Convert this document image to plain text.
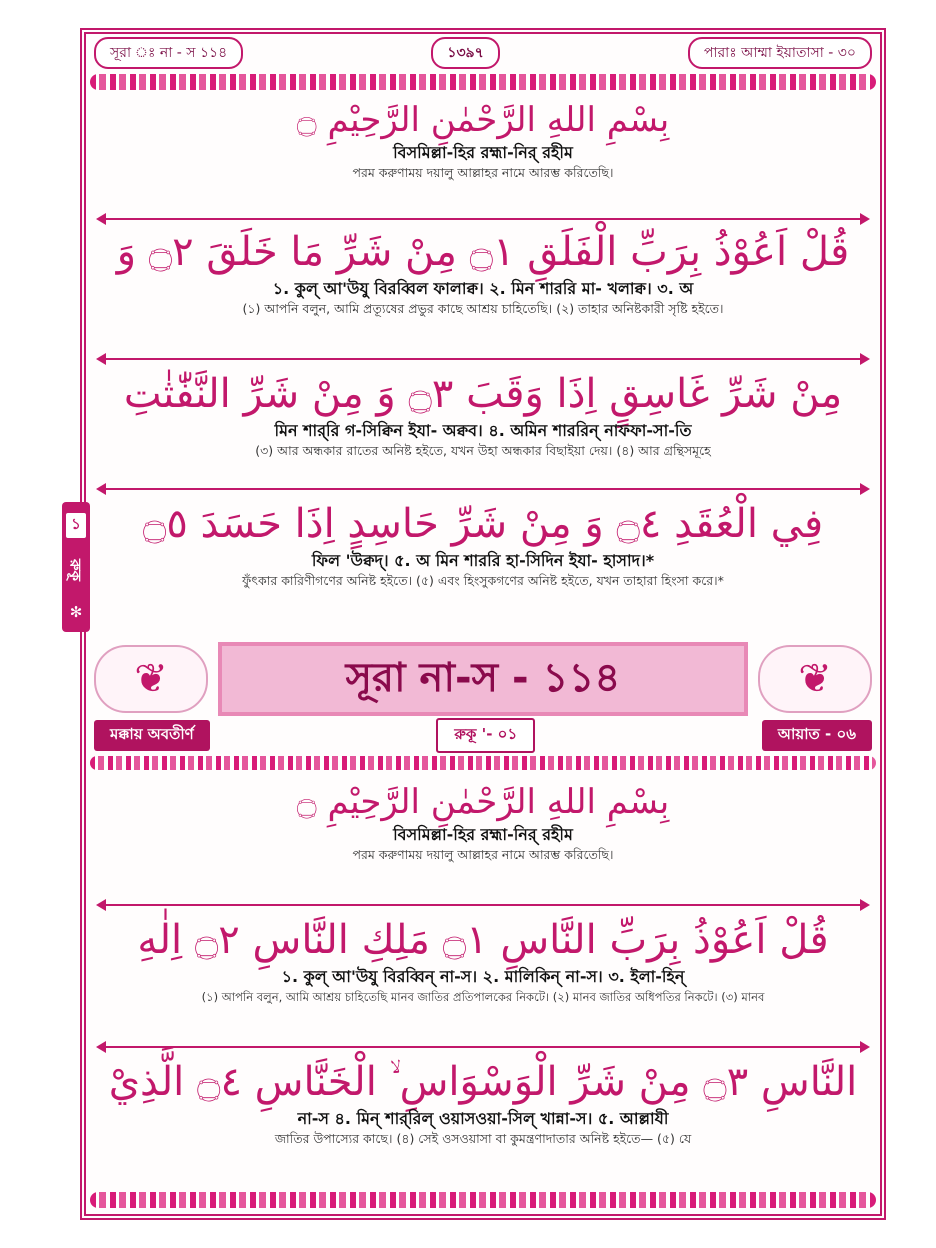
সূরা ঃ না - স ১১৪	১৩৯৭	পারাঃ আম্মা ইয়াতাসা - ৩০
بِسْمِ اللهِ الرَّحْمٰنِ الرَّحِيْمِ ۝
বিসমিল্লা-হির রহ্মা-নির্ রহীম
পরম করুণাময় দয়ালু আল্লাহর নামে আরম্ভ করিতেছি।
قُلْ اَعُوْذُ بِرَبِّ الْفَلَقِ ۝١ مِنْ شَرِّ مَا خَلَقَ ۝٢ وَ
১. কুল্ আ'উযু বিরব্বিল ফালাক্ব। ২. মিন শাররি মা- খলাক্ব। ৩. অ
(১) আপনি বলুন, আমি প্রত্যূষের প্রভুর কাছে আশ্রয় চাহিতেছি। (২) তাহার অনিষ্টকারী সৃষ্টি হইতে।
مِنْ شَرِّ غَاسِقٍ اِذَا وَقَبَ ۝٣ وَ مِنْ شَرِّ النَّفّٰثٰتِ
মিন শার্‌রি গ-সিক্বিন ইযা- অক্বব। ৪. অমিন শাররিন্ নাফফা-সা-তি
(৩) আর অন্ধকার রাতের অনিষ্ট হইতে, যখন উহা অন্ধকার বিছাইয়া দেয়। (৪) আর গ্রন্থিসমূহে
فِي الْعُقَدِ ۝٤ وَ مِنْ شَرِّ حَاسِدٍ اِذَا حَسَدَ ۝٥
ফিল 'উক্বদ্। ৫. অ মিন শাররি হা-সিদিন ইযা- হাসাদ।*
ফুঁৎকার কারিণীগণের অনিষ্ট হইতে। (৫) এবং হিংসুকগণের অনিষ্ট হইতে, যখন তাহারা হিংসা করে।*
১
রুকূ
✻
❦	সূরা না-স - ১১৪	❦
মক্কায় অবতীর্ণ	রুকূ '- ০১	আয়াত - ০৬
بِسْمِ اللهِ الرَّحْمٰنِ الرَّحِيْمِ ۝
বিসমিল্লা-হির রহ্মা-নির্ রহীম
পরম করুণাময় দয়ালু আল্লাহর নামে আরম্ভ করিতেছি।
قُلْ اَعُوْذُ بِرَبِّ النَّاسِ ۝١ مَلِكِ النَّاسِ ۝٢ اِلٰهِ
১. কুল্ আ'উযু বিরব্বিন্ না-স। ২. মালিকিন্ না-স। ৩. ইলা-হিন্
(১) আপনি বলুন, আমি আশ্রয় চাহিতেছি মানব জাতির প্রতিপালকের নিকটে। (২) মানব জাতির অধিপতির নিকটে। (৩) মানব
النَّاسِ ۝٣ مِنْ شَرِّ الْوَسْوَاسِ ۙ الْخَنَّاسِ ۝٤ الَّذِيْ
না-স ৪. মিন্ শার্‌রিল্ ওয়াসওয়া-সিল্ খান্না-স। ৫. আল্লাযী
জাতির উপাস্যের কাছে। (৪) সেই ওসওয়াসা বা কুমন্ত্রণাদাতার অনিষ্ট হইতে— (৫) যে
